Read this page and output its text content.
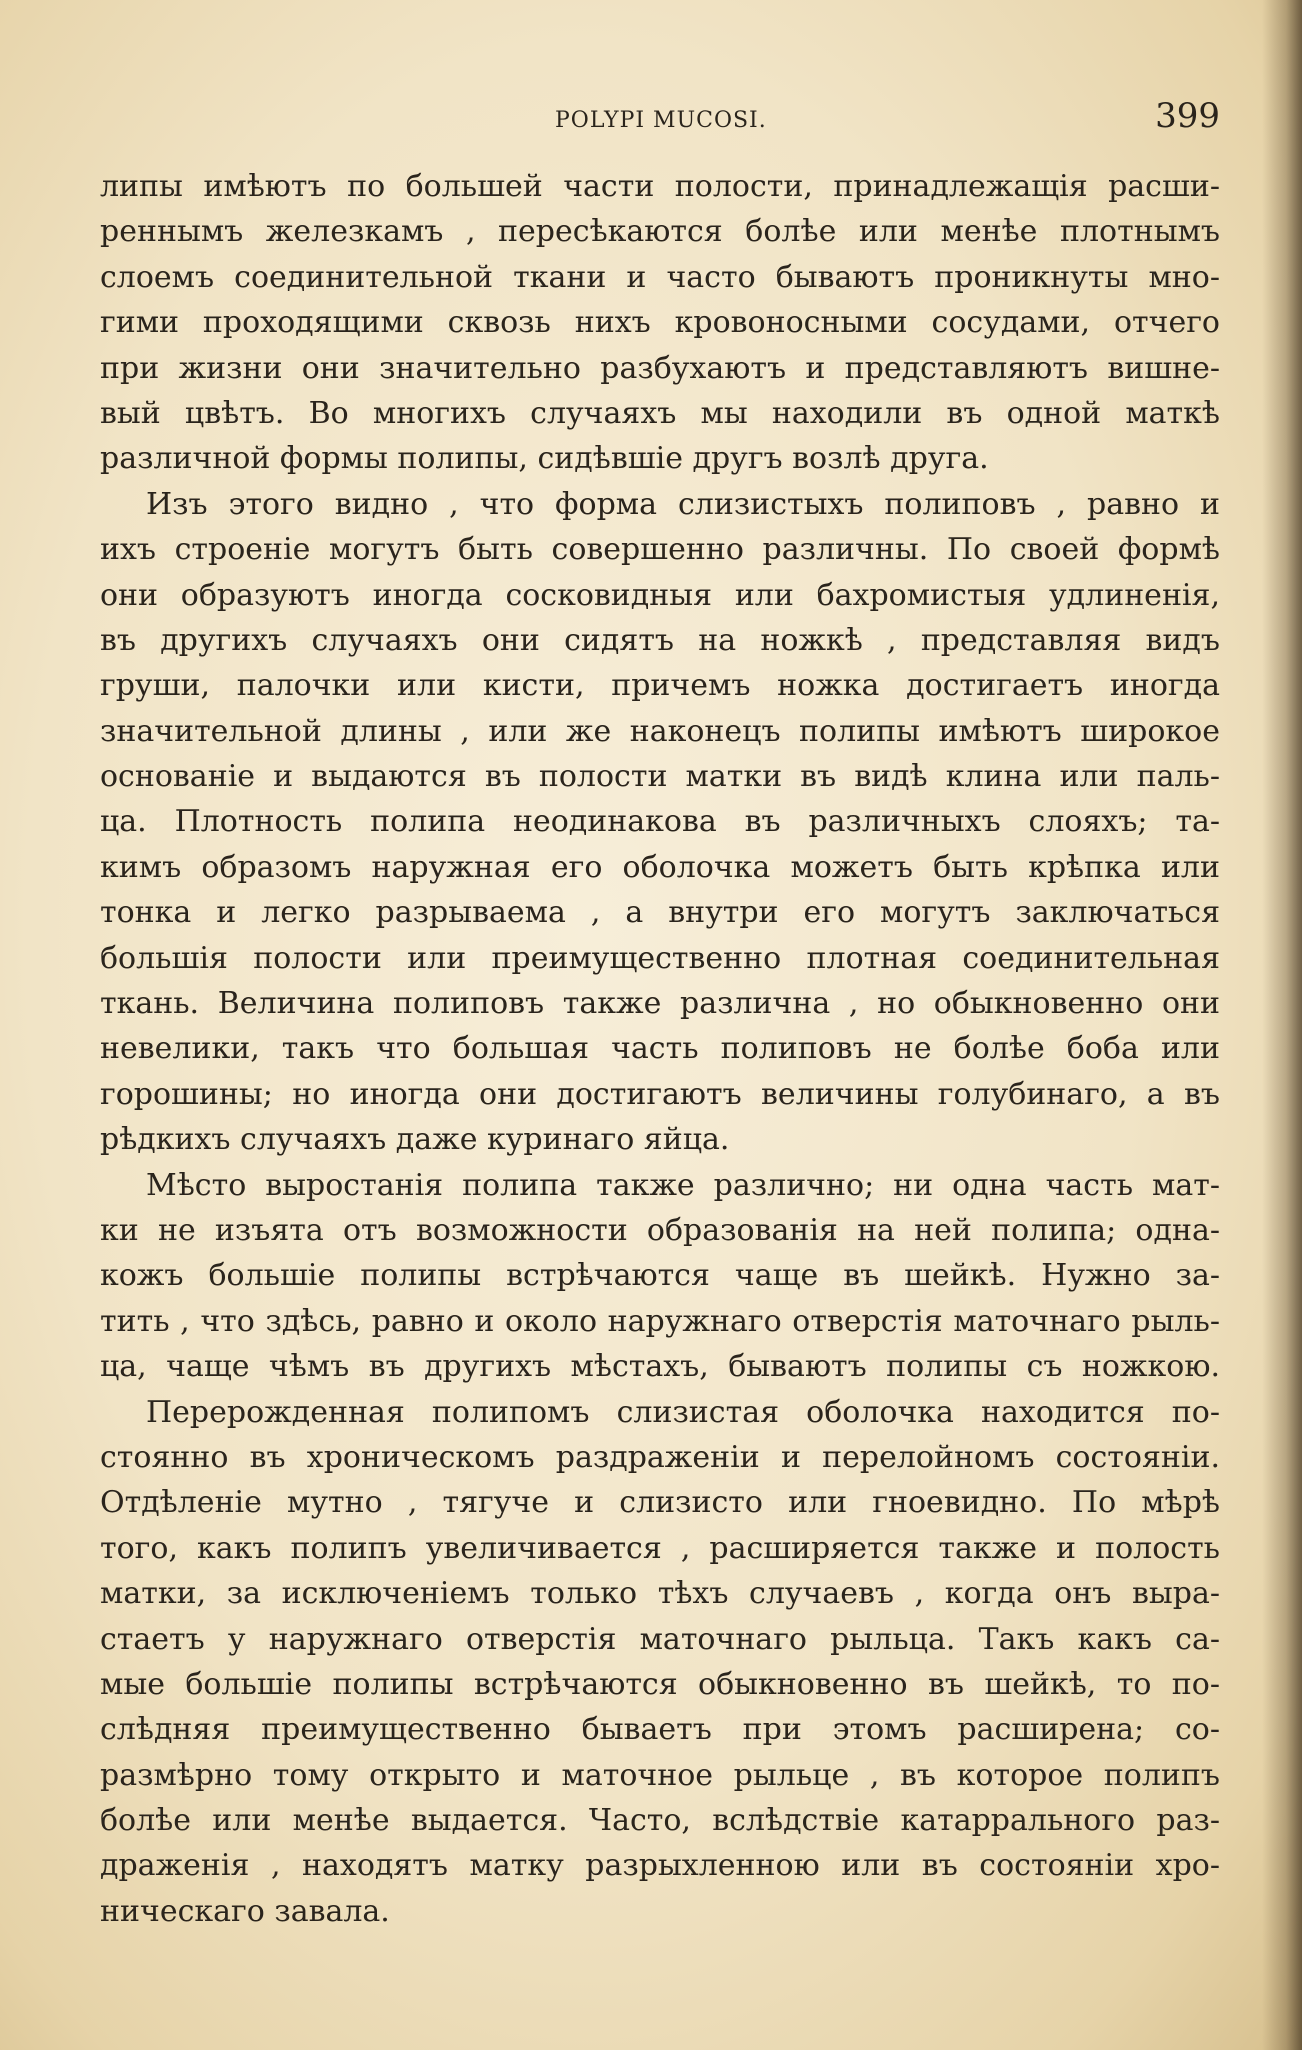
POLYPI MUCOSI.	399
липы имѣютъ по большей части полости, принадлежащія расши-
реннымъ железкамъ , пересѣкаются болѣе или менѣе плотнымъ
слоемъ соединительной ткани и часто бываютъ проникнуты мно-
гими проходящими сквозь нихъ кровоносными сосудами, отчего
при жизни они значительно разбухаютъ и представляютъ вишне-
вый цвѣтъ. Во многихъ случаяхъ мы находили въ одной маткѣ
различной формы полипы, сидѣвшіе другъ возлѣ друга.
Изъ этого видно , что форма слизистыхъ полиповъ , равно и
ихъ строеніе могутъ быть совершенно различны. По своей формѣ
они образуютъ иногда сосковидныя или бахромистыя удлиненія,
въ другихъ случаяхъ они сидятъ на ножкѣ , представляя видъ
груши, палочки или кисти, причемъ ножка достигаетъ иногда
значительной длины , или же наконецъ полипы имѣютъ широкое
основаніе и выдаются въ полости матки въ видѣ клина или паль-
ца. Плотность полипа неодинакова въ различныхъ слояхъ; та-
кимъ образомъ наружная его оболочка можетъ быть крѣпка или
тонка и легко разрываема , а внутри его могутъ заключаться
большія полости или преимущественно плотная соединительная
ткань. Величина полиповъ также различна , но обыкновенно они
невелики, такъ что большая часть полиповъ не болѣе боба или
горошины; но иногда они достигаютъ величины голубинаго, а въ
рѣдкихъ случаяхъ даже куринаго яйца.
Мѣсто выростанія полипа также различно; ни одна часть мат-
ки не изъята отъ возможности образованія на ней полипа; одна-
кожъ большіе полипы встрѣчаются чаще въ шейкѣ. Нужно за-
тить , что здѣсь, равно и около наружнаго отверстія маточнаго рыль-
ца, чаще чѣмъ въ другихъ мѣстахъ, бываютъ полипы съ ножкою.
Перерожденная полипомъ слизистая оболочка находится по-
стоянно въ хроническомъ раздраженіи и перелойномъ состояніи.
Отдѣленіе мутно , тягуче и слизисто или гноевидно. По мѣрѣ
того, какъ полипъ увеличивается , расширяется также и полость
матки, за исключеніемъ только тѣхъ случаевъ , когда онъ выра-
стаетъ у наружнаго отверстія маточнаго рыльца. Такъ какъ са-
мые большіе полипы встрѣчаются обыкновенно въ шейкѣ, то по-
слѣдняя преимущественно бываетъ при этомъ расширена; со-
размѣрно тому открыто и маточное рыльце , въ которое полипъ
болѣе или менѣе выдается. Часто, вслѣдствіе катаррального раз-
драженія , находятъ матку разрыхленною или въ состояніи хро-
ническаго завала.
